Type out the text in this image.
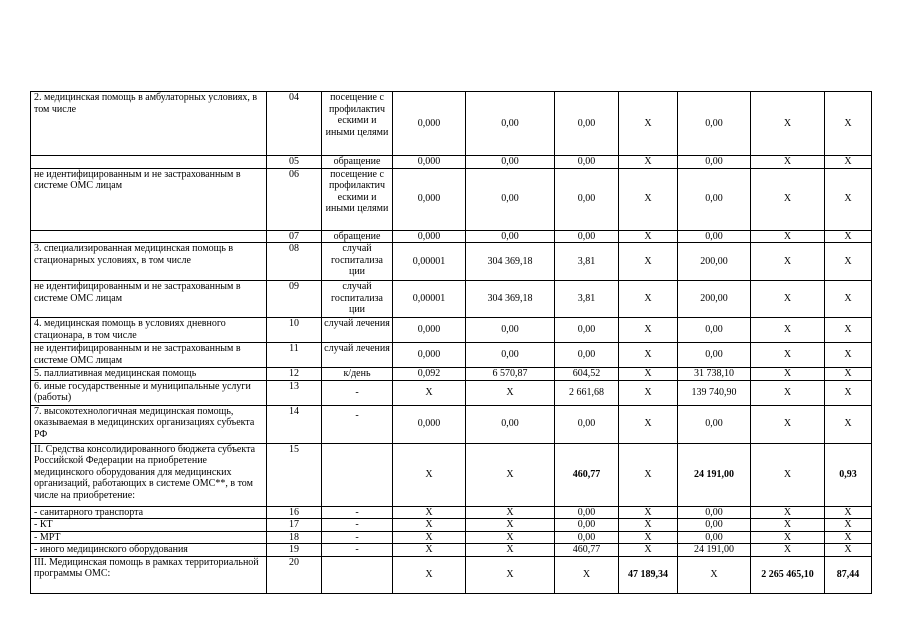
2. медицинская помощь в амбулаторных условиях, в том числе	04	посещение с профилактич ескими и иными целями	0,000	0,00	0,00	X	0,00	X	X
	05	обращение	0,000	0,00	0,00	X	0,00	X	X
не идентифицированным и не застрахованным в системе ОМС лицам	06	посещение с профилактич ескими и иными целями	0,000	0,00	0,00	X	0,00	X	X
	07	обращение	0,000	0,00	0,00	X	0,00	X	X
3. специализированная медицинская помощь в стационарных условиях, в том числе	08	случай госпитализа ции	0,00001	304 369,18	3,81	X	200,00	X	X
не идентифицированным и не застрахованным в системе ОМС лицам	09	случай госпитализа ции	0,00001	304 369,18	3,81	X	200,00	X	X
4. медицинская помощь в условиях дневного стационара, в том числе	10	случай лечения	0,000	0,00	0,00	X	0,00	X	X
не идентифицированным и не застрахованным в системе ОМС лицам	11	случай лечения	0,000	0,00	0,00	X	0,00	X	X
5. паллиативная медицинская помощь	12	к/день	0,092	6 570,87	604,52	X	31 738,10	X	X
6. иные государственные и муниципальные услуги (работы)	13	-	X	X	2 661,68	X	139 740,90	X	X
7. высокотехнологичная медицинская помощь, оказываемая в медицинских организациях субъекта РФ	14	-	0,000	0,00	0,00	X	0,00	X	X
II. Средства консолидированного бюджета субъекта Российской Федерации на приобретение медицинского оборудования для медицинских организаций, работающих в системе ОМС**, в том числе на приобретение:	15		X	X	460,77	X	24 191,00	X	0,93
- санитарного транспорта	16	-	X	X	0,00	X	0,00	X	X
- КТ	17	-	X	X	0,00	X	0,00	X	X
- МРТ	18	-	X	X	0,00	X	0,00	X	X
- иного медицинского оборудования	19	-	X	X	460,77	X	24 191,00	X	X
III. Медицинская помощь в рамках территориальной программы ОМС:	20		X	X	X	47 189,34	X	2 265 465,10	87,44
